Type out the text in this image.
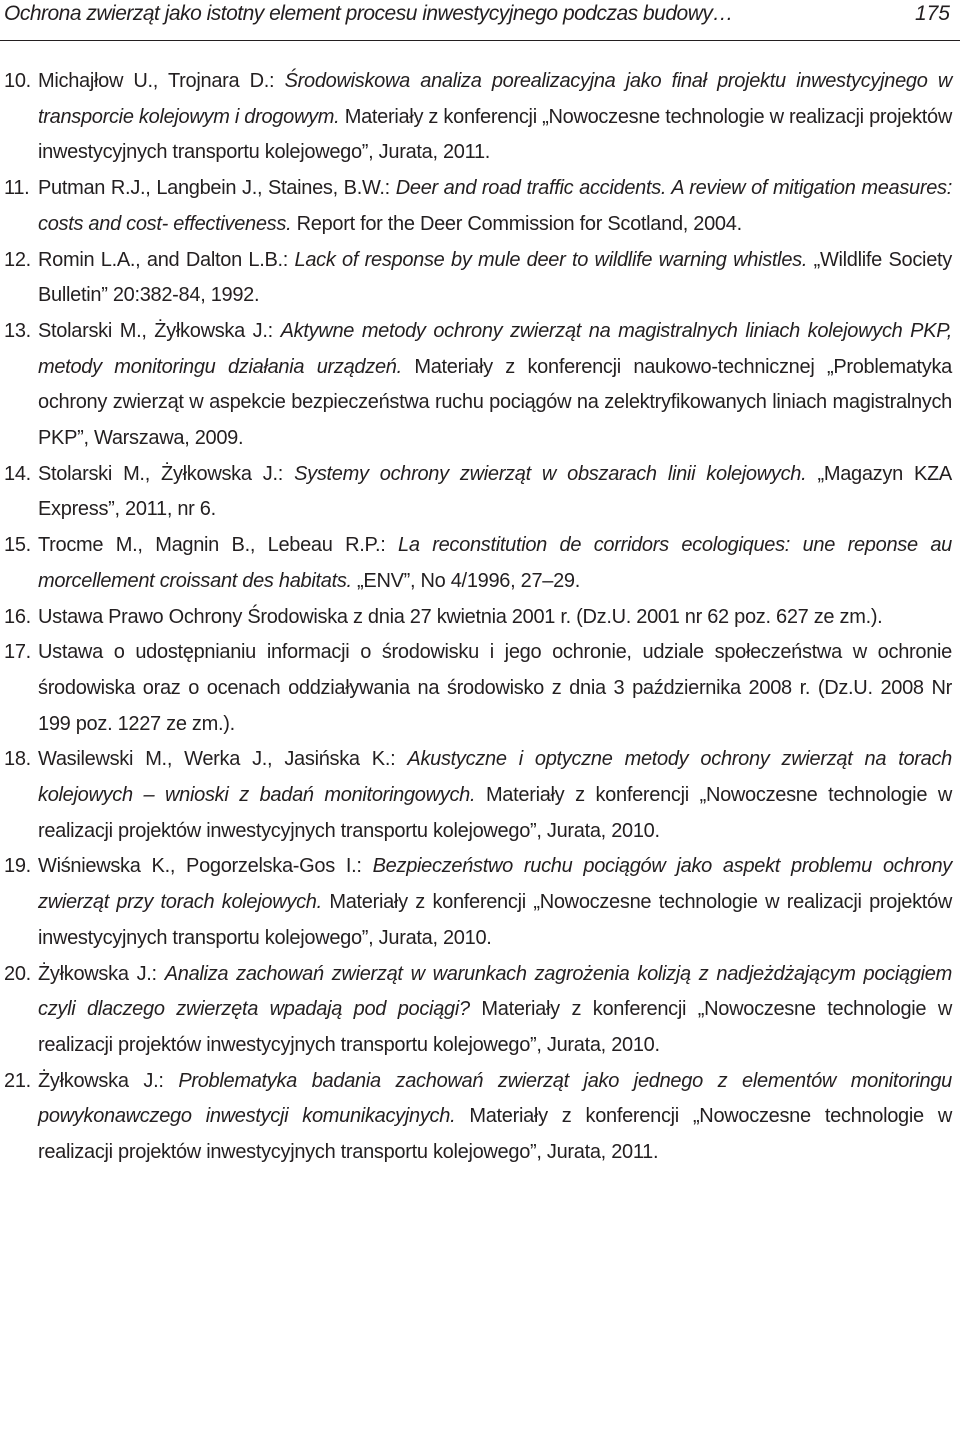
Ochrona zwierząt jako istotny element procesu inwestycyjnego podczas budowy…	175
10. Michajłow U., Trojnara D.: Środowiskowa analiza porealizacyjna jako finał projektu inwestycyjnego w transporcie kolejowym i drogowym. Materiały z konferencji „Nowoczesne technologie w realizacji projektów inwestycyjnych transportu kolejowego”, Jurata, 2011.
11. Putman R.J., Langbein J., Staines, B.W.: Deer and road traffic accidents. A review of mitigation measures: costs and cost- effectiveness. Report for the Deer Commission for Scotland, 2004.
12. Romin L.A., and Dalton L.B.: Lack of response by mule deer to wildlife warning whistles. „Wildlife Society Bulletin” 20:382-84, 1992.
13. Stolarski M., Żyłkowska J.: Aktywne metody ochrony zwierząt na magistralnych liniach kolejowych PKP, metody monitoringu działania urządzeń. Materiały z konferencji naukowo-technicznej „Problematyka ochrony zwierząt w aspekcie bezpieczeństwa ruchu pociągów na zelektryfikowanych liniach magistralnych PKP”, Warszawa, 2009.
14. Stolarski M., Żyłkowska J.: Systemy ochrony zwierząt w obszarach linii kolejowych. „Magazyn KZA Express”, 2011, nr 6.
15. Trocme M., Magnin B., Lebeau R.P.: La reconstitution de corridors ecologiques: une reponse au morcellement croissant des habitats. „ENV”, No 4/1996, 27–29.
16. Ustawa Prawo Ochrony Środowiska z dnia 27 kwietnia 2001 r. (Dz.U. 2001 nr 62 poz. 627 ze zm.).
17. Ustawa o udostępnianiu informacji o środowisku i jego ochronie, udziale społeczeństwa w ochronie środowiska oraz o ocenach oddziaływania na środowisko z dnia 3 października 2008 r. (Dz.U. 2008 Nr 199 poz. 1227 ze zm.).
18. Wasilewski M., Werka J., Jasińska K.: Akustyczne i optyczne metody ochrony zwierząt na torach kolejowych – wnioski z badań monitoringowych. Materiały z konferencji „Nowoczesne technologie w realizacji projektów inwestycyjnych transportu kolejowego”, Jurata, 2010.
19. Wiśniewska K., Pogorzelska-Gos I.: Bezpieczeństwo ruchu pociągów jako aspekt problemu ochrony zwierząt przy torach kolejowych. Materiały z konferencji „Nowoczesne technologie w realizacji projektów inwestycyjnych transportu kolejowego”, Jurata, 2010.
20. Żyłkowska J.: Analiza zachowań zwierząt w warunkach zagrożenia kolizją z nadjeżdżającym pociągiem czyli dlaczego zwierzęta wpadają pod pociągi? Materiały z konferencji „Nowoczesne technologie w realizacji projektów inwestycyjnych transportu kolejowego”, Jurata, 2010.
21. Żyłkowska J.: Problematyka badania zachowań zwierząt jako jednego z elementów monitoringu powykonawczego inwestycji komunikacyjnych. Materiały z konferencji „Nowoczesne technologie w realizacji projektów inwestycyjnych transportu kolejowego”, Jurata, 2011.
